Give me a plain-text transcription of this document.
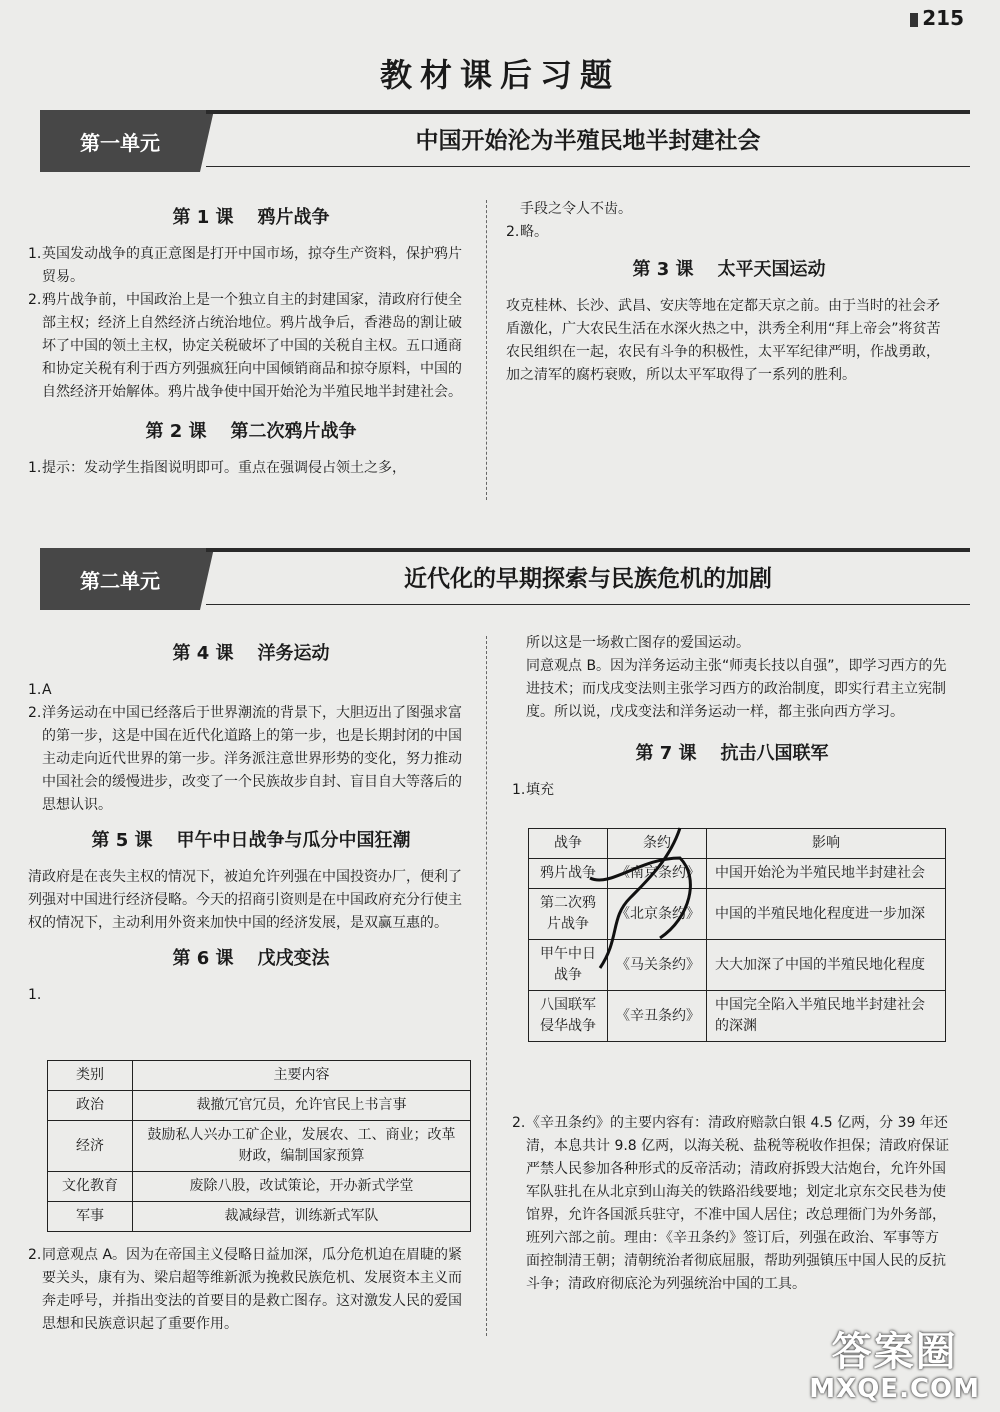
215
教材课后习题
第一单元	中国开始沦为半殖民地半封建社会
第 1 课 鸦片战争
1. 英国发动战争的真正意图是打开中国市场，掠夺生产资料，保护鸦片贸易。
2. 鸦片战争前，中国政治上是一个独立自主的封建国家，清政府行使全部主权；经济上自然经济占统治地位。鸦片战争后，香港岛的割让破坏了中国的领土主权，协定关税破坏了中国的关税自主权。五口通商和协定关税有利于西方列强疯狂向中国倾销商品和掠夺原料，中国的自然经济开始解体。鸦片战争使中国开始沦为半殖民地半封建社会。
第 2 课 第二次鸦片战争
1. 提示：发动学生指图说明即可。重点在强调侵占领土之多，

手段之令人不齿。

2. 略。
第 3 课 太平天国运动

攻克桂林、长沙、武昌、安庆等地在定都天京之前。由于当时的社会矛盾激化，广大农民生活在水深火热之中，洪秀全利用“拜上帝会”将贫苦农民组织在一起，农民有斗争的积极性，太平军纪律严明，作战勇敢，加之清军的腐朽衰败，所以太平军取得了一系列的胜利。

第二单元	近代化的早期探索与民族危机的加剧
第 4 课 洋务运动
1. A
2. 洋务运动在中国已经落后于世界潮流的背景下，大胆迈出了图强求富的第一步，这是中国在近代化道路上的第一步，也是长期封闭的中国主动走向近代世界的第一步。洋务派注意世界形势的变化，努力推动中国社会的缓慢进步，改变了一个民族故步自封、盲目自大等落后的思想认识。
第 5 课 甲午中日战争与瓜分中国狂潮

清政府是在丧失主权的情况下，被迫允许列强在中国投资办厂，便利了列强对中国进行经济侵略。今天的招商引资则是在中国政府充分行使主权的情况下，主动利用外资来加快中国的经济发展，是双赢互惠的。

第 6 课 戊戌变法
1.
类别	主要内容
政治	裁撤冗官冗员，允许官民上书言事
经济	鼓励私人兴办工矿企业，发展农、工、商业；改革财政，编制国家预算
文化教育	废除八股，改试策论，开办新式学堂
军事	裁减绿营，训练新式军队
2. 同意观点 A。因为在帝国主义侵略日益加深，瓜分危机迫在眉睫的紧要关头，康有为、梁启超等维新派为挽救民族危机、发展资本主义而奔走呼号，并指出变法的首要目的是救亡图存。这对激发人民的爱国思想和民族意识起了重要作用。

所以这是一场救亡图存的爱国运动。

同意观点 B。因为洋务运动主张“师夷长技以自强”，即学习西方的先进技术；而戊戌变法则主张学习西方的政治制度，即实行君主立宪制度。所以说，戊戌变法和洋务运动一样，都主张向西方学习。

第 7 课 抗击八国联军
1. 填充
战争	条约	影响
鸦片战争	《南京条约》	中国开始沦为半殖民地半封建社会
第二次鸦片战争	《北京条约》	中国的半殖民地化程度进一步加深
甲午中日战争	《马关条约》	大大加深了中国的半殖民地化程度
八国联军侵华战争	《辛丑条约》	中国完全陷入半殖民地半封建社会的深渊
2. 《辛丑条约》的主要内容有：清政府赔款白银 4.5 亿两，分 39 年还清，本息共计 9.8 亿两，以海关税、盐税等税收作担保；清政府保证严禁人民参加各种形式的反帝活动；清政府拆毁大沽炮台，允许外国军队驻扎在从北京到山海关的铁路沿线要地；划定北京东交民巷为使馆界，允许各国派兵驻守，不准中国人居住；改总理衙门为外务部，班列六部之前。理由：《辛丑条约》签订后，列强在政治、军事等方面控制清王朝；清朝统治者彻底屈服，帮助列强镇压中国人民的反抗斗争；清政府彻底沦为列强统治中国的工具。
答案圈
MXQE.COM
